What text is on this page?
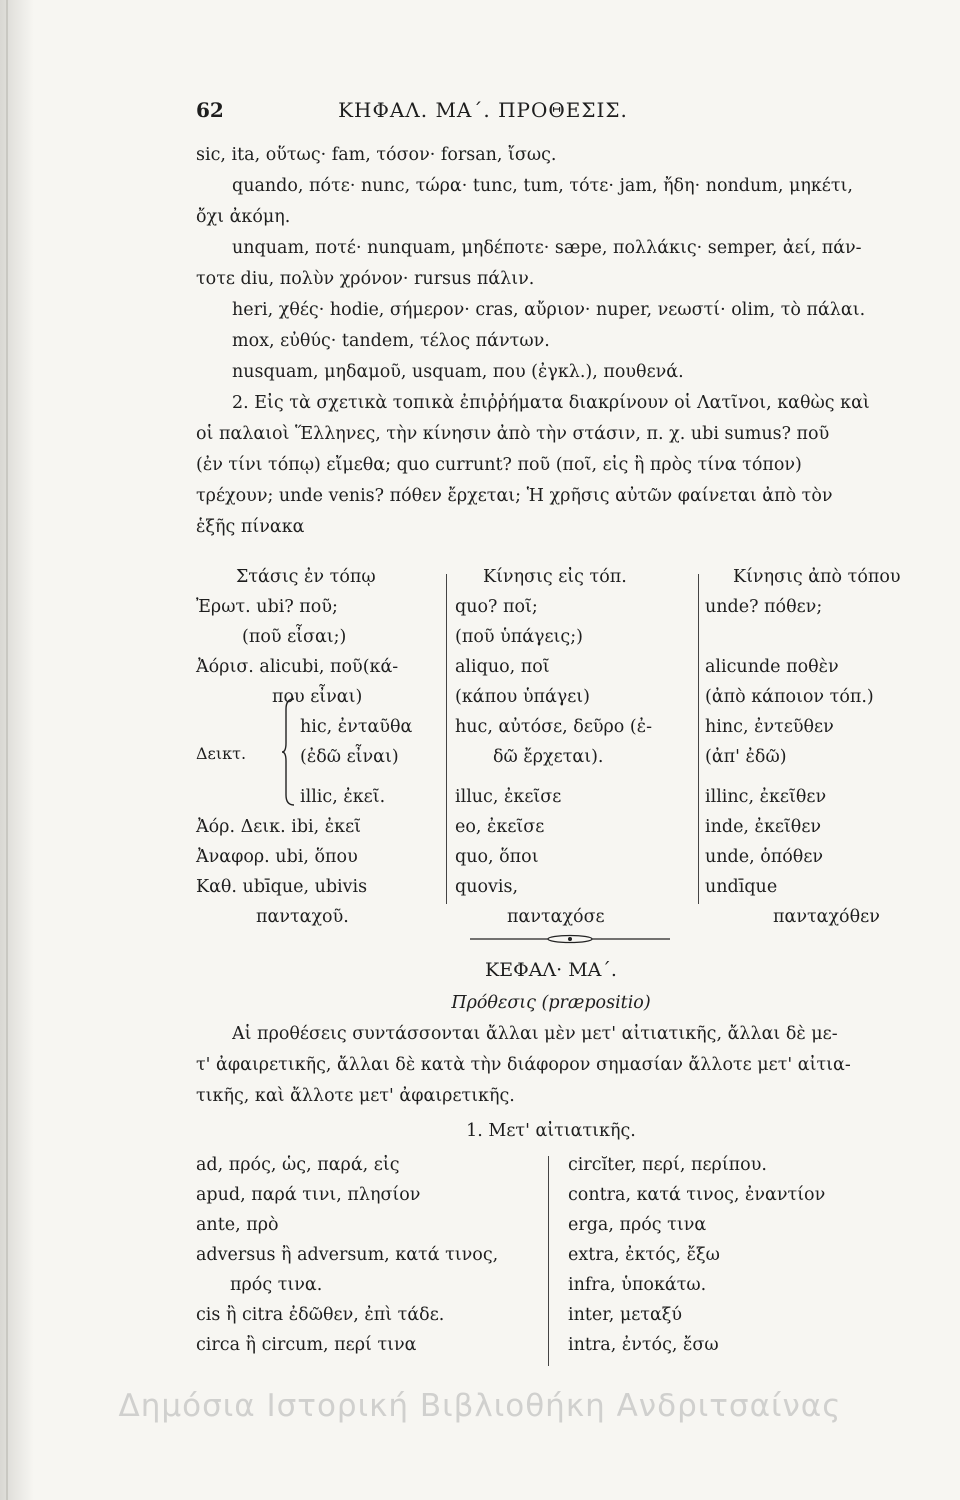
62	ΚΗΦΑΛ. ΜΑ΄. ΠΡΟΘΕΣΙΣ.
sic, ita, οὕτως· fam, τόσον· forsan, ἴσως.
quando, πότε· nunc, τώρα· tunc, tum, τότε· jam, ἤδη· nondum, μηκέτι,
ὄχι ἀκόμη.
unquam, ποτέ· nunquam, μηδέποτε· sæpe, πολλάκις· semper, ἀεί, πάν-
τοτε diu, πολὺν χρόνον· rursus πάλιν.
heri, χθές· hodie, σήμερον· cras, αὔριον· nuper, νεωστί· olim, τὸ πάλαι.
mox, εὐθύς· tandem, τέλος πάντων.
nusquam, μηδαμοῦ, usquam, που (ἐγκλ.), πουθενά.
2. Εἰς τὰ σχετικὰ τοπικὰ ἐπιῤῥήματα διακρίνουν οἱ Λατῖνοι, καθὼς καὶ
οἱ παλαιοὶ Ἕλληνες, τὴν κίνησιν ἀπὸ τὴν στάσιν, π. χ. ubi sumus? ποῦ
(ἐν τίνι τόπῳ) εἴμεθα; quo currunt? ποῦ (ποῖ, εἰς ἢ πρὸς τίνα τόπον)
τρέχουν; unde venis? πόθεν ἔρχεται; Ἡ χρῆσις αὐτῶν φαίνεται ἀπὸ τὸν
ἑξῆς πίνακα
Στάσις ἐν τόπῳ
Ἐρωτ. ubi? ποῦ;
(ποῦ εἶσαι;)
Ἀόρισ. alicubi, ποῦ(κά-
που εἶναι)
hic, ἐνταῦθα
(ἐδῶ εἶναι)
illic, ἐκεῖ.
Ἀόρ. Δεικ. ibi, ἐκεῖ
Ἀναφορ. ubi, ὅπου
Καθ. ubīque, ubivis
πανταχοῦ.
Δεικτ.
Κίνησις εἰς τόπ.
quo? ποῖ;
(ποῦ ὑπάγεις;)
aliquo, ποῖ
(κάπου ὑπάγει)
huc, αὐτόσε, δεῦρο (ἐ-
δῶ ἔρχεται).
illuc, ἐκεῖσε
eo, ἐκεῖσε
quo, ὅποι
quovis,
πανταχόσε
Κίνησις ἀπὸ τόπου
unde? πόθεν;
alicunde ποθὲν
(ἀπὸ κάποιον τόπ.)
hinc, ἐντεῦθεν
(ἀπ' ἐδῶ)
illinc, ἐκεῖθεν
inde, ἐκεῖθεν
unde, ὁπόθεν
undīque
πανταχόθεν
ΚΕΦΑΛ· ΜΑ΄.
Πρόθεσις (præpositio)
Αἱ προθέσεις συντάσσονται ἄλλαι μὲν μετ' αἰτιατικῆς, ἄλλαι δὲ με-
τ' ἀφαιρετικῆς, ἄλλαι δὲ κατὰ τὴν διάφορον σημασίαν ἄλλοτε μετ' αἰτια-
τικῆς, καὶ ἄλλοτε μετ' ἀφαιρετικῆς.
1. Μετ' αἰτιατικῆς.
ad, πρός, ὡς, παρά, εἰς
apud, παρά τινι, πλησίον
ante, πρὸ
adversus ἢ adversum, κατά τινος,
πρός τινα.
cis ἢ citra ἐδῶθεν, ἐπὶ τάδε.
circa ἢ circum, περί τινα
circĭter, περί, περίπου.
contra, κατά τινος, ἐναντίον
erga, πρός τινα
extra, ἐκτός, ἔξω
infra, ὑποκάτω.
inter, μεταξύ
intra, ἐντός, ἔσω
Δημόσια Ιστορική Βιβλιοθήκη Ανδριτσαίνας
